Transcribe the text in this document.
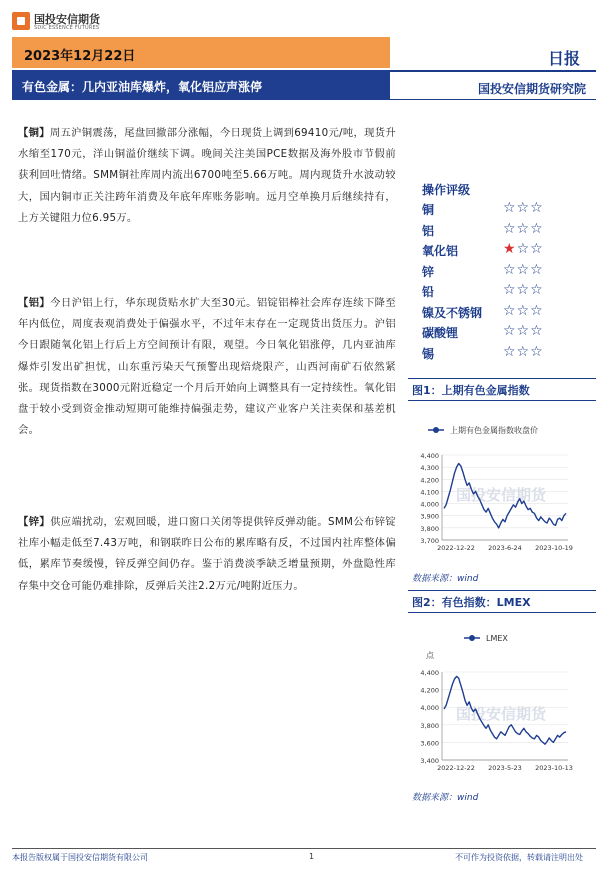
国投安信期货
SDIC ESSENCE FUTURES
2023年12月22日	日报
有色金属：几内亚油库爆炸，氧化铝应声涨停	国投安信期货研究院
【铜】周五沪铜震荡，尾盘回撤部分涨幅，今日现货上调到69410元/吨，现货升水缩至170元，洋山铜溢价继续下调。晚间关注美国PCE数据及海外股市节假前获利回吐情绪。SMM铜社库周内流出6700吨至5.66万吨。周内现货升水波动较大，国内铜市正关注跨年消费及年底年库账务影响。远月空单换月后继续持有，上方关键阻力位6.95万。
【铝】今日沪铝上行，华东现货贴水扩大至30元。铝锭铝棒社会库存连续下降至年内低位，周度表观消费处于偏强水平，不过年末存在一定现货出货压力。沪铝今日跟随氧化铝上行后上方空间预计有限，观望。今日氧化铝涨停，几内亚油库爆炸引发出矿担忧，山东重污染天气预警出现焙烧限产，山西河南矿石依然紧张。现货指数在3000元附近稳定一个月后开始向上调整具有一定持续性。氧化铝盘于较小受到资金推动短期可能维持偏强走势，建议产业客户关注卖保和基差机会。
【锌】供应端扰动，宏观回暖，进口窗口关闭等提供锌反弹动能。SMM公布锌锭社库小幅走低至7.43万吨，和钢联昨日公布的累库略有反，不过国内社库整体偏低，累库节奏缓慢，锌反弹空间仍存。鉴于消费淡季缺乏增量预期，外盘隐性库存集中交仓可能仍难排除，反弹后关注2.2万元/吨附近压力。
操作评级
铜	☆☆☆
铝	☆☆☆
氧化铝	★☆☆
锌	☆☆☆
铅	☆☆☆
镍及不锈钢 ☆☆☆
碳酸锂	☆☆☆
锡	☆☆☆
图1：上期有色金属指数
上期有色金属指数收盘价
国投安信期货
4,400
4,300
4,200
4,100
4,000
3,900
3,800
3,700
2022-12-22 2023-6-24 2023-10-19
数据来源：wind
图2：有色指数：LMEX
LMEX
点
国投安信期货
4,400
4,200
4,000
3,800
3,600
3,400
2022-12-22 2023-5-23 2023-10-13
数据来源：wind
本报告版权属于国投安信期货有限公司	1	不可作为投资依据，转载请注明出处
